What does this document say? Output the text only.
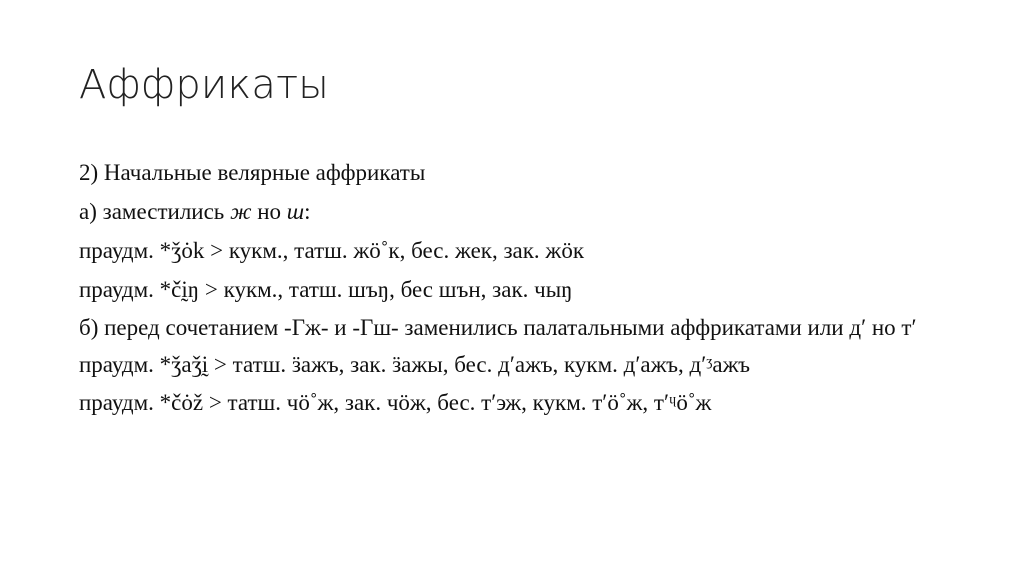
Аффрикаты
2) Начальные велярные аффрикаты
а) заместились ж но ш:
праудм. *ǯȯk > кукм., татш. жӧ˚к, бес. жек, зак. жӧк
праудм. *čḭŋ > кукм., татш. шъŋ, бес шън, зак. чыŋ
б) перед сочетанием -Гж- и -Гш- заменились палатальными аффрикатами или д′ но т′
праудм. *ǯaǯḭ > татш. ӟажъ, зак. ӟажы, бес. д′ажъ, кукм. д′ажъ, д′ᶾажъ
праудм. *čȯž > татш. чӧ˚ж, зак. чӧж, бес. т′эж, кукм. т′ӧ˚ж, т′ᶣӧ˚ж
